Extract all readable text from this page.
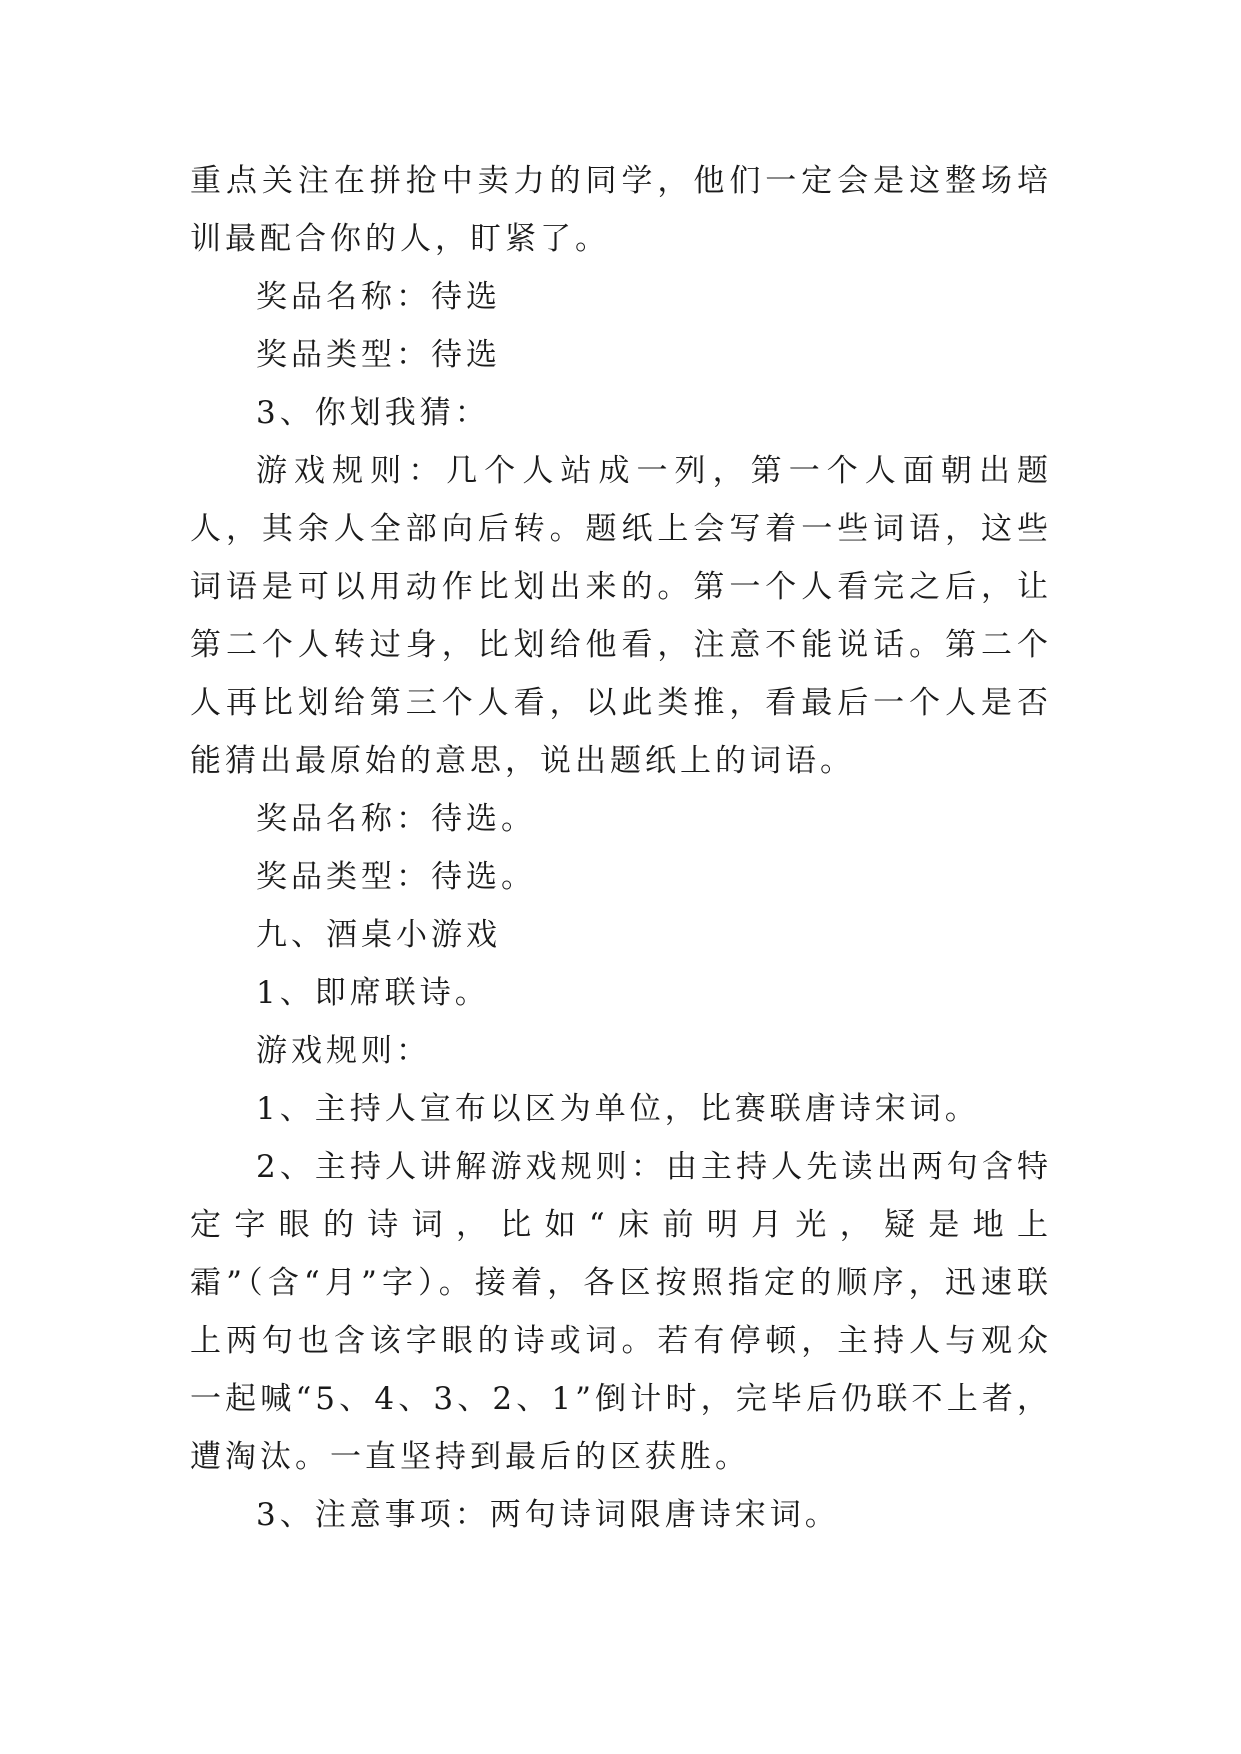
重点关注在拼抢中卖力的同学，他们一定会是这整场培训最配合你的人，盯紧了。

奖品名称：待选

奖品类型：待选

3、你划我猜：

游戏规则：几个人站成一列，第一个人面朝出题人，其余人全部向后转。题纸上会写着一些词语，这些词语是可以用动作比划出来的。第一个人看完之后，让第二个人转过身，比划给他看，注意不能说话。第二个人再比划给第三个人看，以此类推，看最后一个人是否能猜出最原始的意思，说出题纸上的词语。

奖品名称：待选。

奖品类型：待选。

九、酒桌小游戏

1、即席联诗。

游戏规则：

1、主持人宣布以区为单位，比赛联唐诗宋词。

2、主持人讲解游戏规则：由主持人先读出两句含特定字眼的诗词，比如“床前明月光，疑是地上霜”（含“月”字）。接着，各区按照指定的顺序，迅速联上两句也含该字眼的诗或词。若有停顿，主持人与观众一起喊“5、4、3、2、1”倒计时，完毕后仍联不上者，遭淘汰。一直坚持到最后的区获胜。

3、注意事项：两句诗词限唐诗宋词。
